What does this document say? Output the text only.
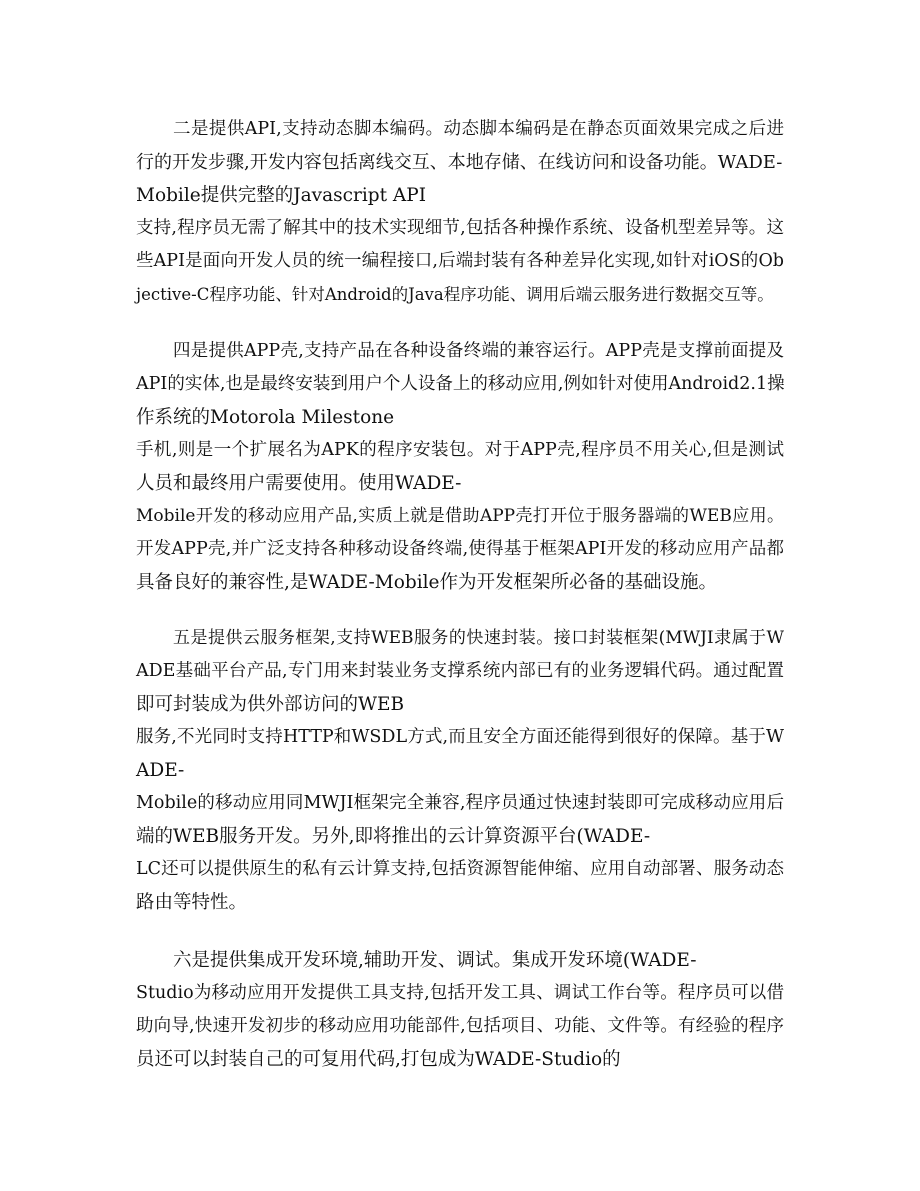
二是提供API,支持动态脚本编码。动态脚本编码是在静态页面效果完成之后进
行的开发步骤,开发内容包括离线交互、本地存储、在线访问和设备功能。WADE-
Mobile提供完整的Javascript API
支持,程序员无需了解其中的技术实现细节,包括各种操作系统、设备机型差异等。这
些API是面向开发人员的统一编程接口,后端封装有各种差异化实现,如针对iOS的Ob
jective-C程序功能、针对Android的Java程序功能、调用后端云服务进行数据交互等。
四是提供APP壳,支持产品在各种设备终端的兼容运行。APP壳是支撑前面提及
API的实体,也是最终安装到用户个人设备上的移动应用,例如针对使用Android2.1操
作系统的Motorola Milestone
手机,则是一个扩展名为APK的程序安装包。对于APP壳,程序员不用关心,但是测试
人员和最终用户需要使用。使用WADE-
Mobile开发的移动应用产品,实质上就是借助APP壳打开位于服务器端的WEB应用。
开发APP壳,并广泛支持各种移动设备终端,使得基于框架API开发的移动应用产品都
具备良好的兼容性,是WADE-Mobile作为开发框架所必备的基础设施。
五是提供云服务框架,支持WEB服务的快速封装。接口封装框架(MWJI隶属于W
ADE基础平台产品,专门用来封装业务支撑系统内部已有的业务逻辑代码。通过配置
即可封装成为供外部访问的WEB
服务,不光同时支持HTTP和WSDL方式,而且安全方面还能得到很好的保障。基于W
ADE-
Mobile的移动应用同MWJI框架完全兼容,程序员通过快速封装即可完成移动应用后
端的WEB服务开发。另外,即将推出的云计算资源平台(WADE-
LC还可以提供原生的私有云计算支持,包括资源智能伸缩、应用自动部署、服务动态
路由等特性。
六是提供集成开发环境,辅助开发、调试。集成开发环境(WADE-
Studio为移动应用开发提供工具支持,包括开发工具、调试工作台等。程序员可以借
助向导,快速开发初步的移动应用功能部件,包括项目、功能、文件等。有经验的程序
员还可以封装自己的可复用代码,打包成为WADE-Studio的
